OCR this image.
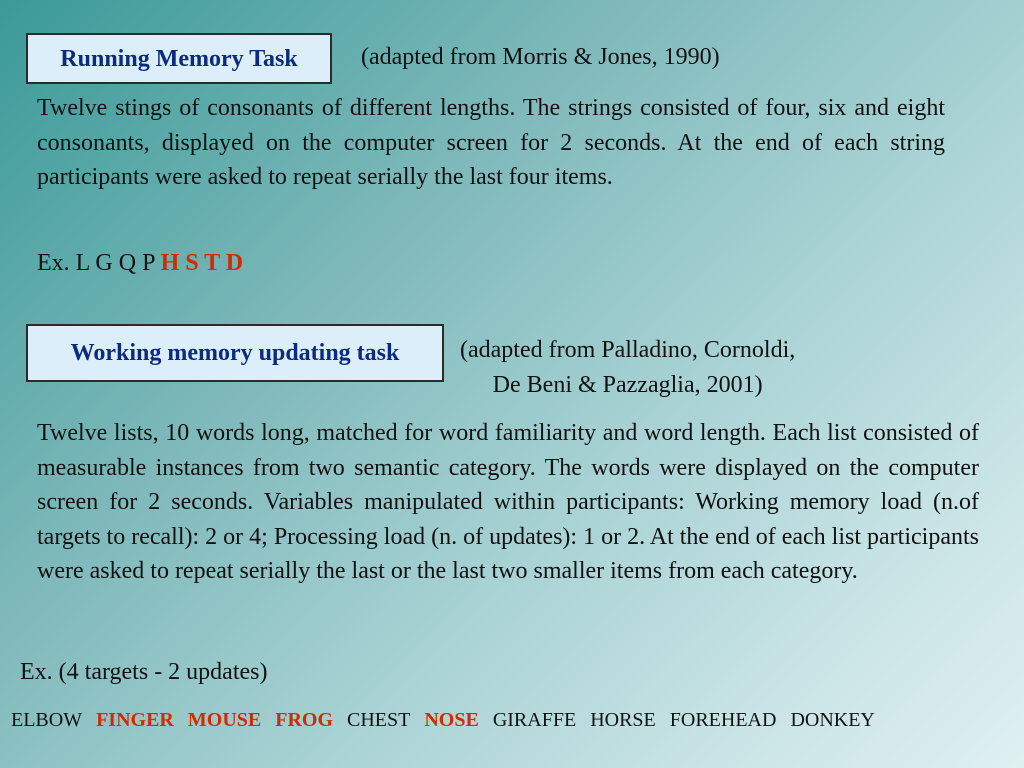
Running Memory Task	(adapted from Morris & Jones, 1990)
Twelve stings of consonants of different lengths. The strings consisted of four, six and eight consonants, displayed on the computer screen for 2 seconds. At the end of each string participants were asked to repeat serially the last four items.
Ex. L G Q P H S T D
Working memory updating task	(adapted from Palladino, Cornoldi,
De Beni & Pazzaglia, 2001)
Twelve lists, 10 words long, matched for word familiarity and word length. Each list consisted of measurable instances from two semantic category. The words were displayed on the computer screen for 2 seconds. Variables manipulated within participants: Working memory load (n.of targets to recall): 2 or 4; Processing load (n. of updates): 1 or 2. At the end of each list participants were asked to repeat serially the last or the last two smaller items from each category.
Ex. (4 targets - 2 updates)
ELBOW FINGER MOUSE FROG CHEST NOSE GIRAFFE HORSE FOREHEAD DONKEY
